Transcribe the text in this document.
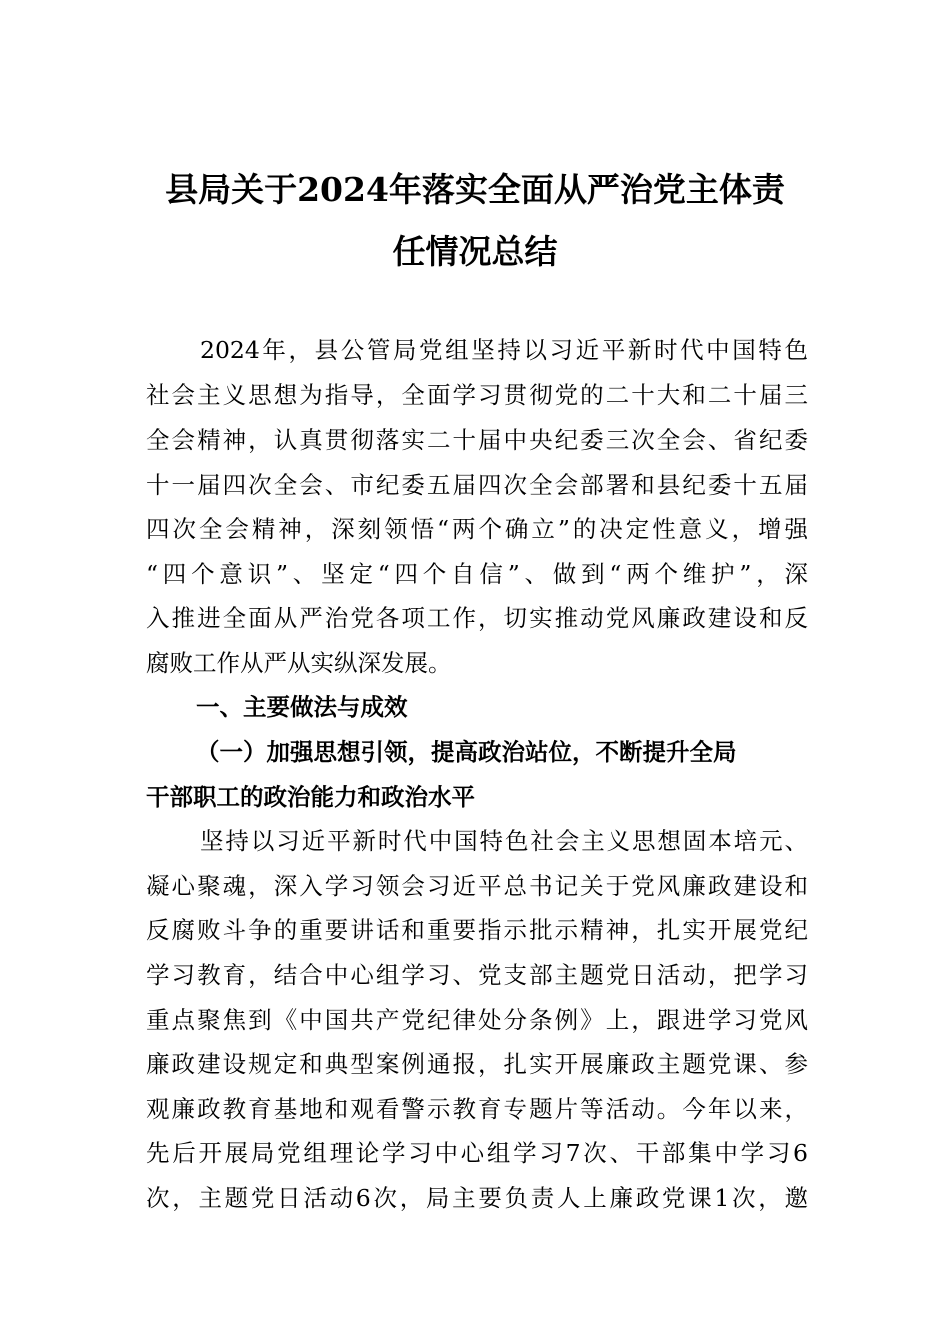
县局关于2024年落实全面从严治党主体责
任情况总结
2024年，县公管局党组坚持以习近平新时代中国特色
社会主义思想为指导，全面学习贯彻党的二十大和二十届三
全会精神，认真贯彻落实二十届中央纪委三次全会、省纪委
十一届四次全会、市纪委五届四次全会部署和县纪委十五届
四次全会精神，深刻领悟“两个确立”的决定性意义，增强
“四个意识”、坚定“四个自信”、做到“两个维护”，深
入推进全面从严治党各项工作，切实推动党风廉政建设和反
腐败工作从严从实纵深发展。
一、主要做法与成效
（一）加强思想引领，提高政治站位，不断提升全局
干部职工的政治能力和政治水平
坚持以习近平新时代中国特色社会主义思想固本培元、
凝心聚魂，深入学习领会习近平总书记关于党风廉政建设和
反腐败斗争的重要讲话和重要指示批示精神，扎实开展党纪
学习教育，结合中心组学习、党支部主题党日活动，把学习
重点聚焦到《中国共产党纪律处分条例》上，跟进学习党风
廉政建设规定和典型案例通报，扎实开展廉政主题党课、参
观廉政教育基地和观看警示教育专题片等活动。今年以来，
先后开展局党组理论学习中心组学习7次、干部集中学习6
次，主题党日活动6次，局主要负责人上廉政党课1次，邀
